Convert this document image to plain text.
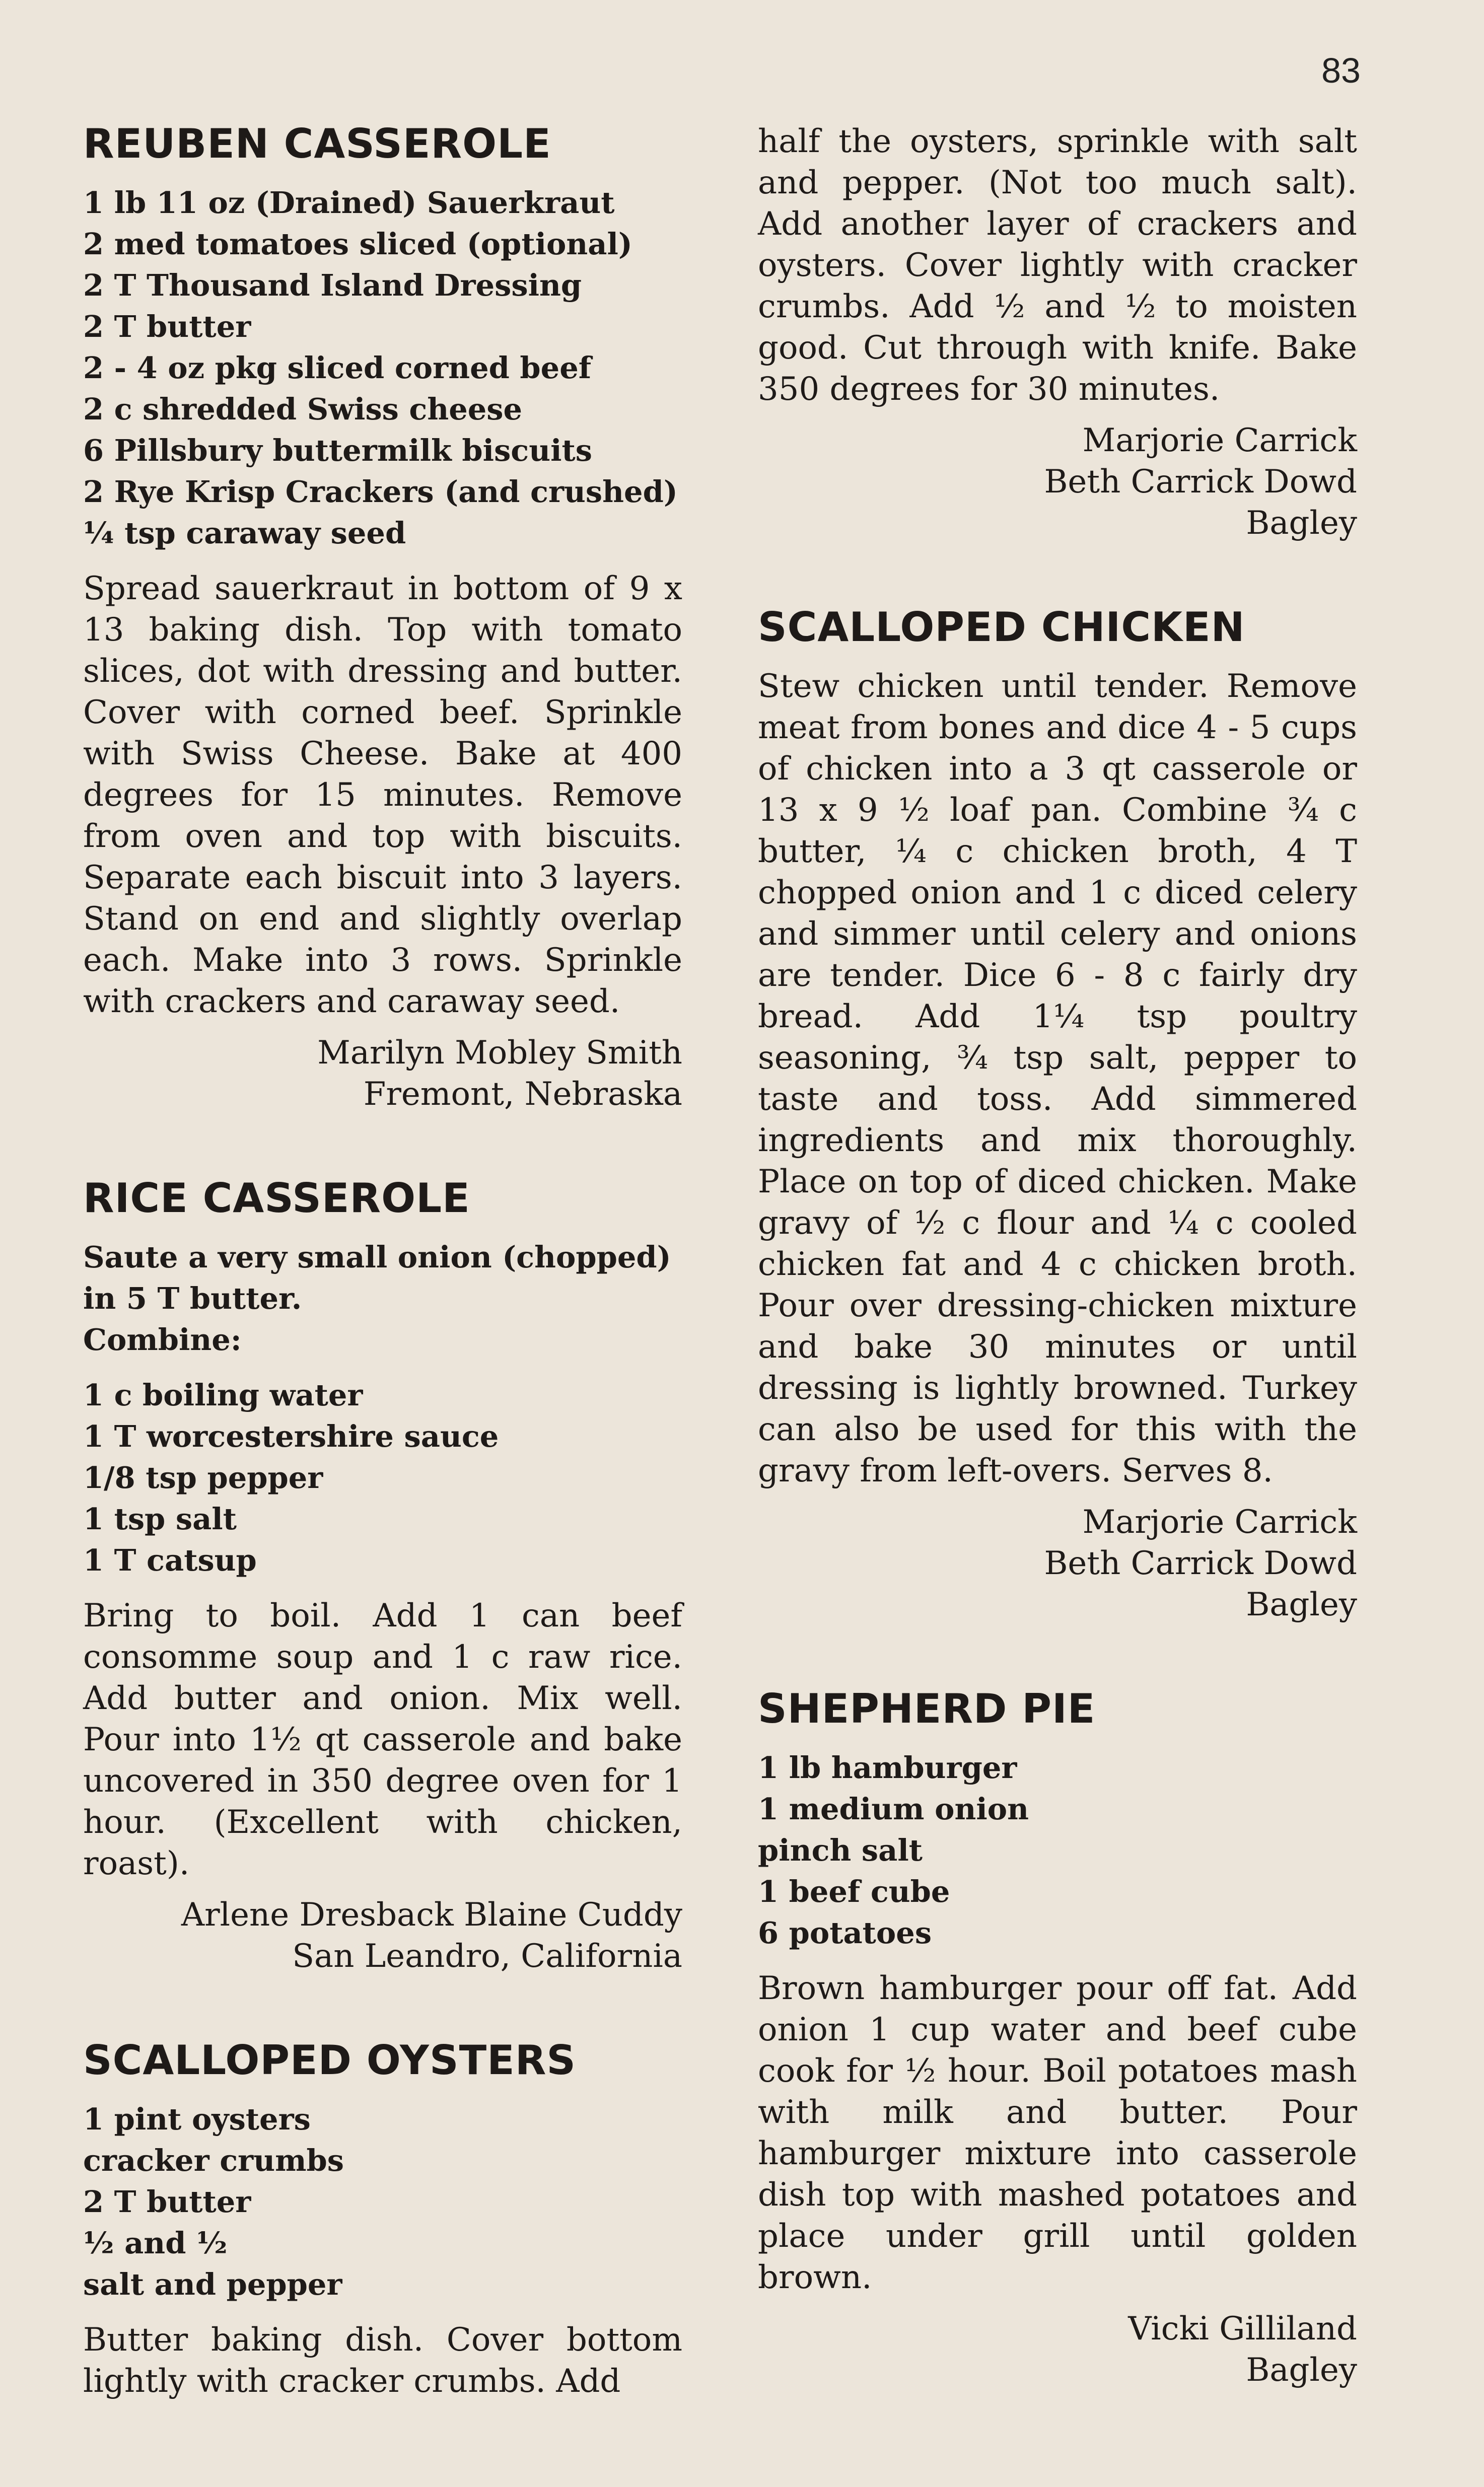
83
REUBEN CASSEROLE
1 lb 11 oz (Drained) Sauerkraut
2 med tomatoes sliced (optional)
2 T Thousand Island Dressing
2 T butter
2 - 4 oz pkg sliced corned beef
2 c shredded Swiss cheese
6 Pillsbury buttermilk biscuits
2 Rye Krisp Crackers (and crushed)
¼ tsp caraway seed

Spread sauerkraut in bottom of 9 x 13 baking dish. Top with tomato slices, dot with dressing and butter. Cover with corned beef. Sprinkle with Swiss Cheese. Bake at 400 degrees for 15 minutes. Remove from oven and top with biscuits. Separate each biscuit into 3 layers. Stand on end and slightly overlap each. Make into 3 rows. Sprinkle with crackers and caraway seed.

Marilyn Mobley Smith
Fremont, Nebraska
RICE CASSEROLE

Saute a very small onion (chopped)

in 5 T butter.

Combine:

1 c boiling water
1 T worcestershire sauce
1/8 tsp pepper
1 tsp salt
1 T catsup

Bring to boil. Add 1 can beef consomme soup and 1 c raw rice. Add butter and onion. Mix well. Pour into 1½ qt casserole and bake uncovered in 350 degree oven for 1 hour. (Excellent with chicken, roast).

Arlene Dresback Blaine Cuddy
San Leandro, California
SCALLOPED OYSTERS
1 pint oysters
cracker crumbs
2 T butter
½ and ½
salt and pepper

Butter baking dish. Cover bottom lightly with cracker crumbs. Add

half the oysters, sprinkle with salt and pepper. (Not too much salt). Add another layer of crackers and oysters. Cover lightly with cracker crumbs. Add ½ and ½ to moisten good. Cut through with knife. Bake 350 degrees for 30 minutes.

Marjorie Carrick
Beth Carrick Dowd
Bagley
SCALLOPED CHICKEN

Stew chicken until tender. Remove meat from bones and dice 4 - 5 cups of chicken into a 3 qt casserole or 13 x 9 ½ loaf pan. Combine ¾ c butter, ¼ c chicken broth, 4 T chopped onion and 1 c diced celery and simmer until celery and onions are tender. Dice 6 - 8 c fairly dry bread. Add 1¼ tsp poultry seasoning, ¾ tsp salt, pepper to taste and toss. Add simmered ingredients and mix thoroughly. Place on top of diced chicken. Make gravy of ½ c flour and ¼ c cooled chicken fat and 4 c chicken broth. Pour over dressing-chicken mixture and bake 30 minutes or until dressing is lightly browned. Turkey can also be used for this with the gravy from left-overs. Serves 8.

Marjorie Carrick
Beth Carrick Dowd
Bagley
SHEPHERD PIE
1 lb hamburger
1 medium onion
pinch salt
1 beef cube
6 potatoes

Brown hamburger pour off fat. Add onion 1 cup water and beef cube cook for ½ hour. Boil potatoes mash with milk and butter. Pour hamburger mixture into casserole dish top with mashed potatoes and place under grill until golden brown.

Vicki Gilliland
Bagley
